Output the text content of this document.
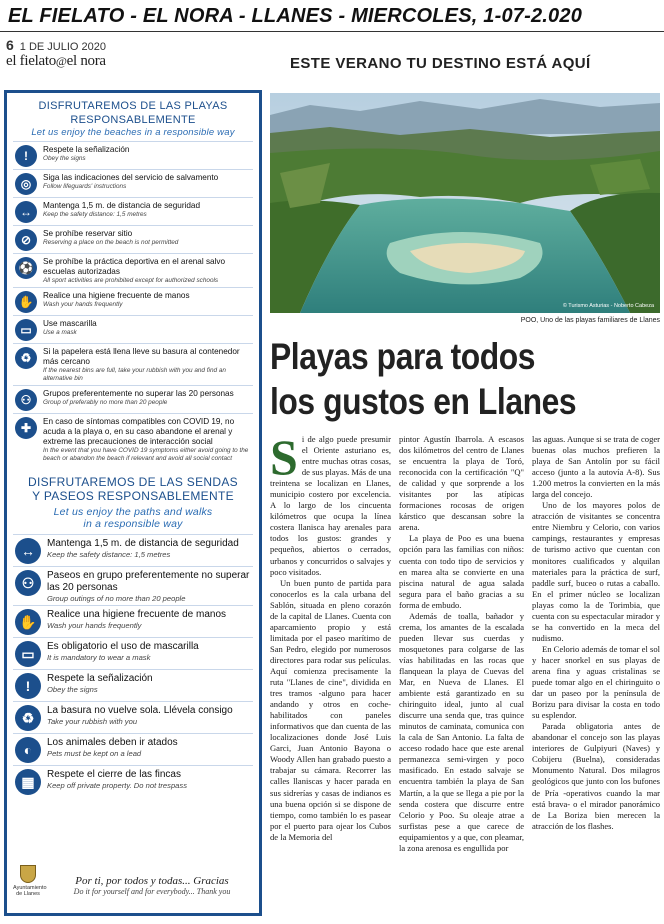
EL FIELATO - EL NORA - LLANES - MIERCOLES, 1-07-2.020
6 1 DE JULIO 2020
el fielato@el nora	ESTE VERANO TU DESTINO ESTÁ AQUÍ
DISFRUTAREMOS DE LAS PLAYAS
RESPONSABLEMENTE
Let us enjoy the beaches in a responsible way
!	Respete la señalización
Obey the signs
◎	Siga las indicaciones del servicio de salvamento
Follow lifeguards' instructions
↔	Mantenga 1,5 m. de distancia de seguridad
Keep the safety distance: 1,5 metres
⊘	Se prohíbe reservar sitio
Reserving a place on the beach is not permitted
⚽	Se prohíbe la práctica deportiva en el arenal salvo escuelas autorizadas
All sport activities are prohibited except for authorized schools
✋	Realice una higiene frecuente de manos
Wash your hands frequently
▭	Use mascarilla
Use a mask
♻	Si la papelera está llena lleve su basura al contenedor más cercano
If the nearest bins are full, take your rubbish with you and find an alternative bin
⚇	Grupos preferentemente no superar las 20 personas
Group of preferably no more than 20 people
✚	En caso de síntomas compatibles con COVID 19, no acuda a la playa o, en su caso abandone el arenal y extreme las precauciones de interacción social
In the event that you have COVID 19 symptoms either avoid going to the beach or abandon the beach if relevant and avoid all social contact
DISFRUTAREMOS DE LAS SENDAS
Y PASEOS RESPONSABLEMENTE
Let us enjoy the paths and walks
in a responsible way
↔	Mantenga 1,5 m. de distancia de seguridad
Keep the safety distance: 1,5 metres
⚇	Paseos en grupo preferentemente no superar las 20 personas
Group outings of no more than 20 people
✋	Realice una higiene frecuente de manos
Wash your hands frequently
▭	Es obligatorio el uso de mascarilla
It is mandatory to wear a mask
!	Respete la señalización
Obey the signs
♻	La basura no vuelve sola. Llévela consigo
Take your rubbish with you
◐	Los animales deben ir atados
Pets must be kept on a lead
▦	Respete el cierre de las fincas
Keep off private property. Do not trespass
Ayuntamiento de Llanes
Por ti, por todos y todas... Gracias
Do it for yourself and for everybody... Thank you
© Turismo Asturias - Noberto Cabeza
POO, Uno de las playas familiares de Llanes
Playas para todos
los gustos en Llanes
S i de algo puede presumir el Oriente asturiano es, entre muchas otras cosas, de sus playas. Más de una treintena se localizan en Llanes, municipio costero por excelencia. A lo largo de los cincuenta kilómetros que ocupa la línea costera llanisca hay arenales para todos los gustos: grandes y pequeños, abiertos o cerrados, urbanos y concurridos o salvajes y poco visitados.

Un buen punto de partida para conocerlos es la cala urbana del Sablón, situada en pleno corazón de la capital de Llanes. Cuenta con aparcamiento propio y está limitada por el paseo marítimo de San Pedro, elegido por numerosos directores para rodar sus películas. Aquí comienza precisamente la ruta "Llanes de cine", dividida en tres tramos -alguno para hacer andando y otros en coche- habilitados con paneles informativos que dan cuenta de las localizaciones donde José Luis Garci, Juan Antonio Bayona o Woody Allen han grabado puesto a trabajar su cámara. Recorrer las calles llaniscas y hacer parada en sus sidrerías y casas de indianos es una buena opción si se dispone de tiempo, como también lo es pasear por el puerto para ojear los Cubos de la Memoria del

pintor Agustín Ibarrola. A escasos dos kilómetros del centro de Llanes se encuentra la playa de Toró, reconocida con la certificación "Q" de calidad y que sorprende a los visitantes por las atípicas formaciones rocosas de origen kárstico que descansan sobre la arena.

La playa de Poo es una buena opción para las familias con niños: cuenta con todo tipo de servicios y en marea alta se convierte en una piscina natural de agua salada segura para el baño gracias a su forma de embudo.

Además de toalla, bañador y crema, los amantes de la escalada pueden llevar sus cuerdas y mosquetones para colgarse de las vías habilitadas en las rocas que flanquean la playa de Cuevas del Mar, en Nueva de Llanes. El ambiente está garantizado en su chiringuito ideal, junto al cual discurre una senda que, tras quince minutos de caminata, comunica con la cala de San Antonio. La falta de acceso rodado hace que este arenal permanezca semi-virgen y poco masificado. En estado salvaje se encuentra también la playa de San Martín, a la que se llega a pie por la senda costera que discurre entre Celorio y Poo. Su oleaje atrae a surfistas pese a que carece de equipamientos y a que, con pleamar, la zona arenosa es engullida por

las aguas. Aunque si se trata de coger buenas olas muchos prefieren la playa de San Antolín por su fácil acceso (junto a la autovía A-8). Sus 1.200 metros la convierten en la más larga del concejo.

Uno de los mayores polos de atracción de visitantes se concentra entre Niembru y Celorio, con varios campings, restaurantes y empresas de turismo activo que cuentan con monitores cualificados y alquilan materiales para la práctica de surf, paddle surf, buceo o rutas a caballo. En el primer núcleo se localizan playas como la de Torimbia, que cuenta con su espectacular mirador y se ha convertido en la meca del nudismo.

En Celorio además de tomar el sol y hacer snorkel en sus playas de arena fina y aguas cristalinas se puede tomar algo en el chiringuito o dar un paseo por la península de Borizu para divisar la costa en todo su esplendor.

Parada obligatoria antes de abandonar el concejo son las playas interiores de Gulpiyuri (Naves) y Cobijeru (Buelna), consideradas Monumento Natural. Dos milagros geológicos que junto con los bufones de Pría -operativos cuando la mar está brava- o el mirador panorámico de La Boriza bien merecen la atracción de los flashes.
